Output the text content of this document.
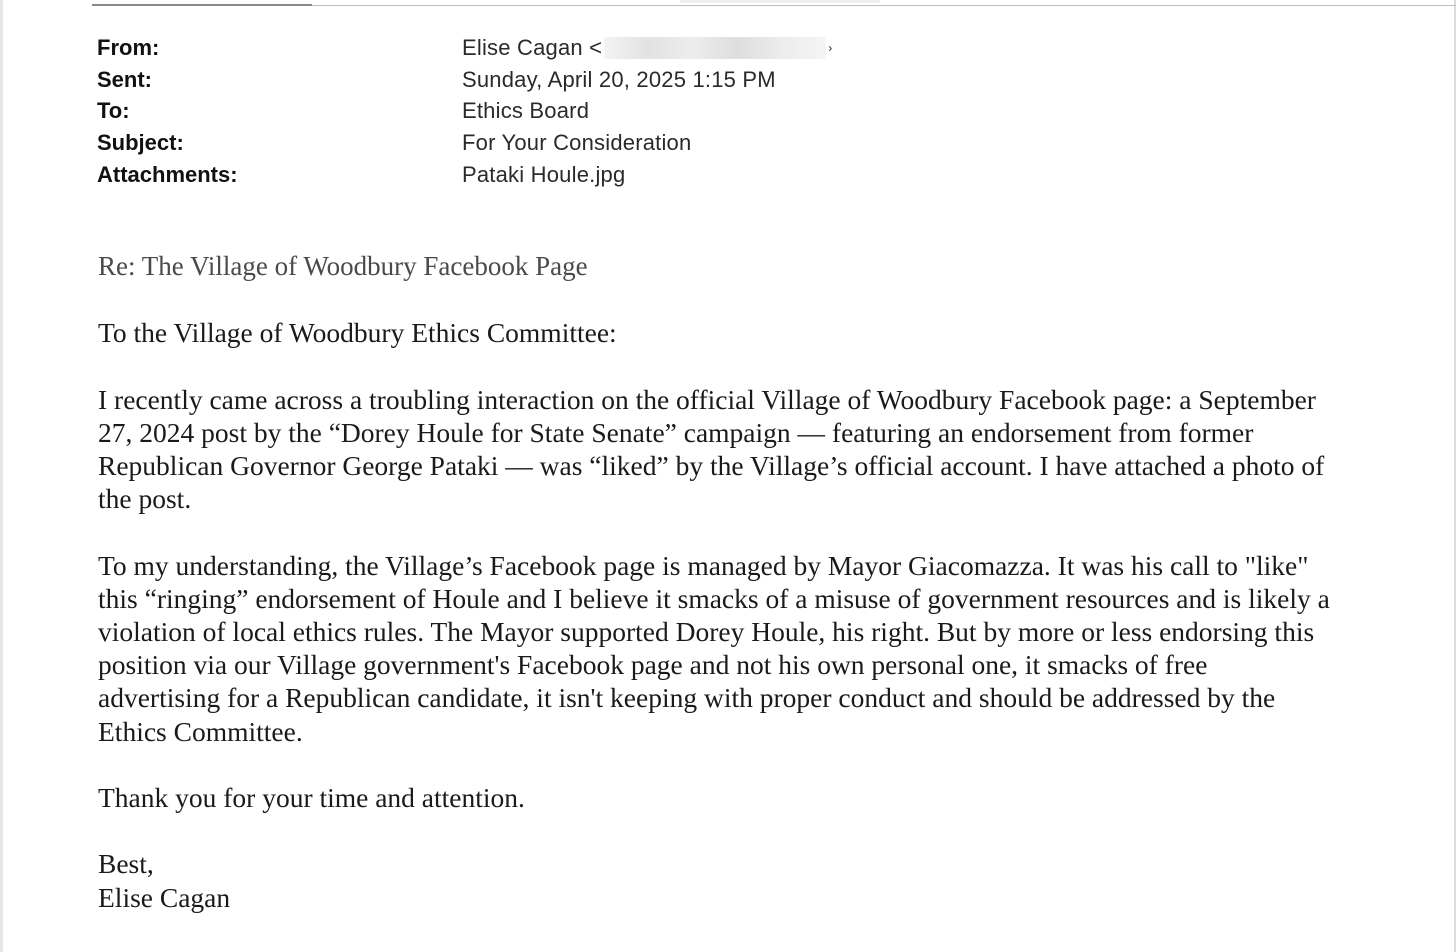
From:	Elise Cagan <	›
Sent:	Sunday, April 20, 2025 1:15 PM
To:	Ethics Board
Subject:	For Your Consideration
Attachments:	Pataki Houle.jpg
Re: The Village of Woodbury Facebook Page
To the Village of Woodbury Ethics Committee:
I recently came across a troubling interaction on the official Village of Woodbury Facebook page: a September
27, 2024 post by the “Dorey Houle for State Senate” campaign — featuring an endorsement from former
Republican Governor George Pataki — was “liked” by the Village’s official account. I have attached a photo of
the post.
To my understanding, the Village’s Facebook page is managed by Mayor Giacomazza. It was his call to "like"
this “ringing” endorsement of Houle and I believe it smacks of a misuse of government resources and is likely a
violation of local ethics rules. The Mayor supported Dorey Houle, his right. But by more or less endorsing this
position via our Village government's Facebook page and not his own personal one, it smacks of free
advertising for a Republican candidate, it isn't keeping with proper conduct and should be addressed by the
Ethics Committee.
Thank you for your time and attention.
Best,
Elise Cagan
